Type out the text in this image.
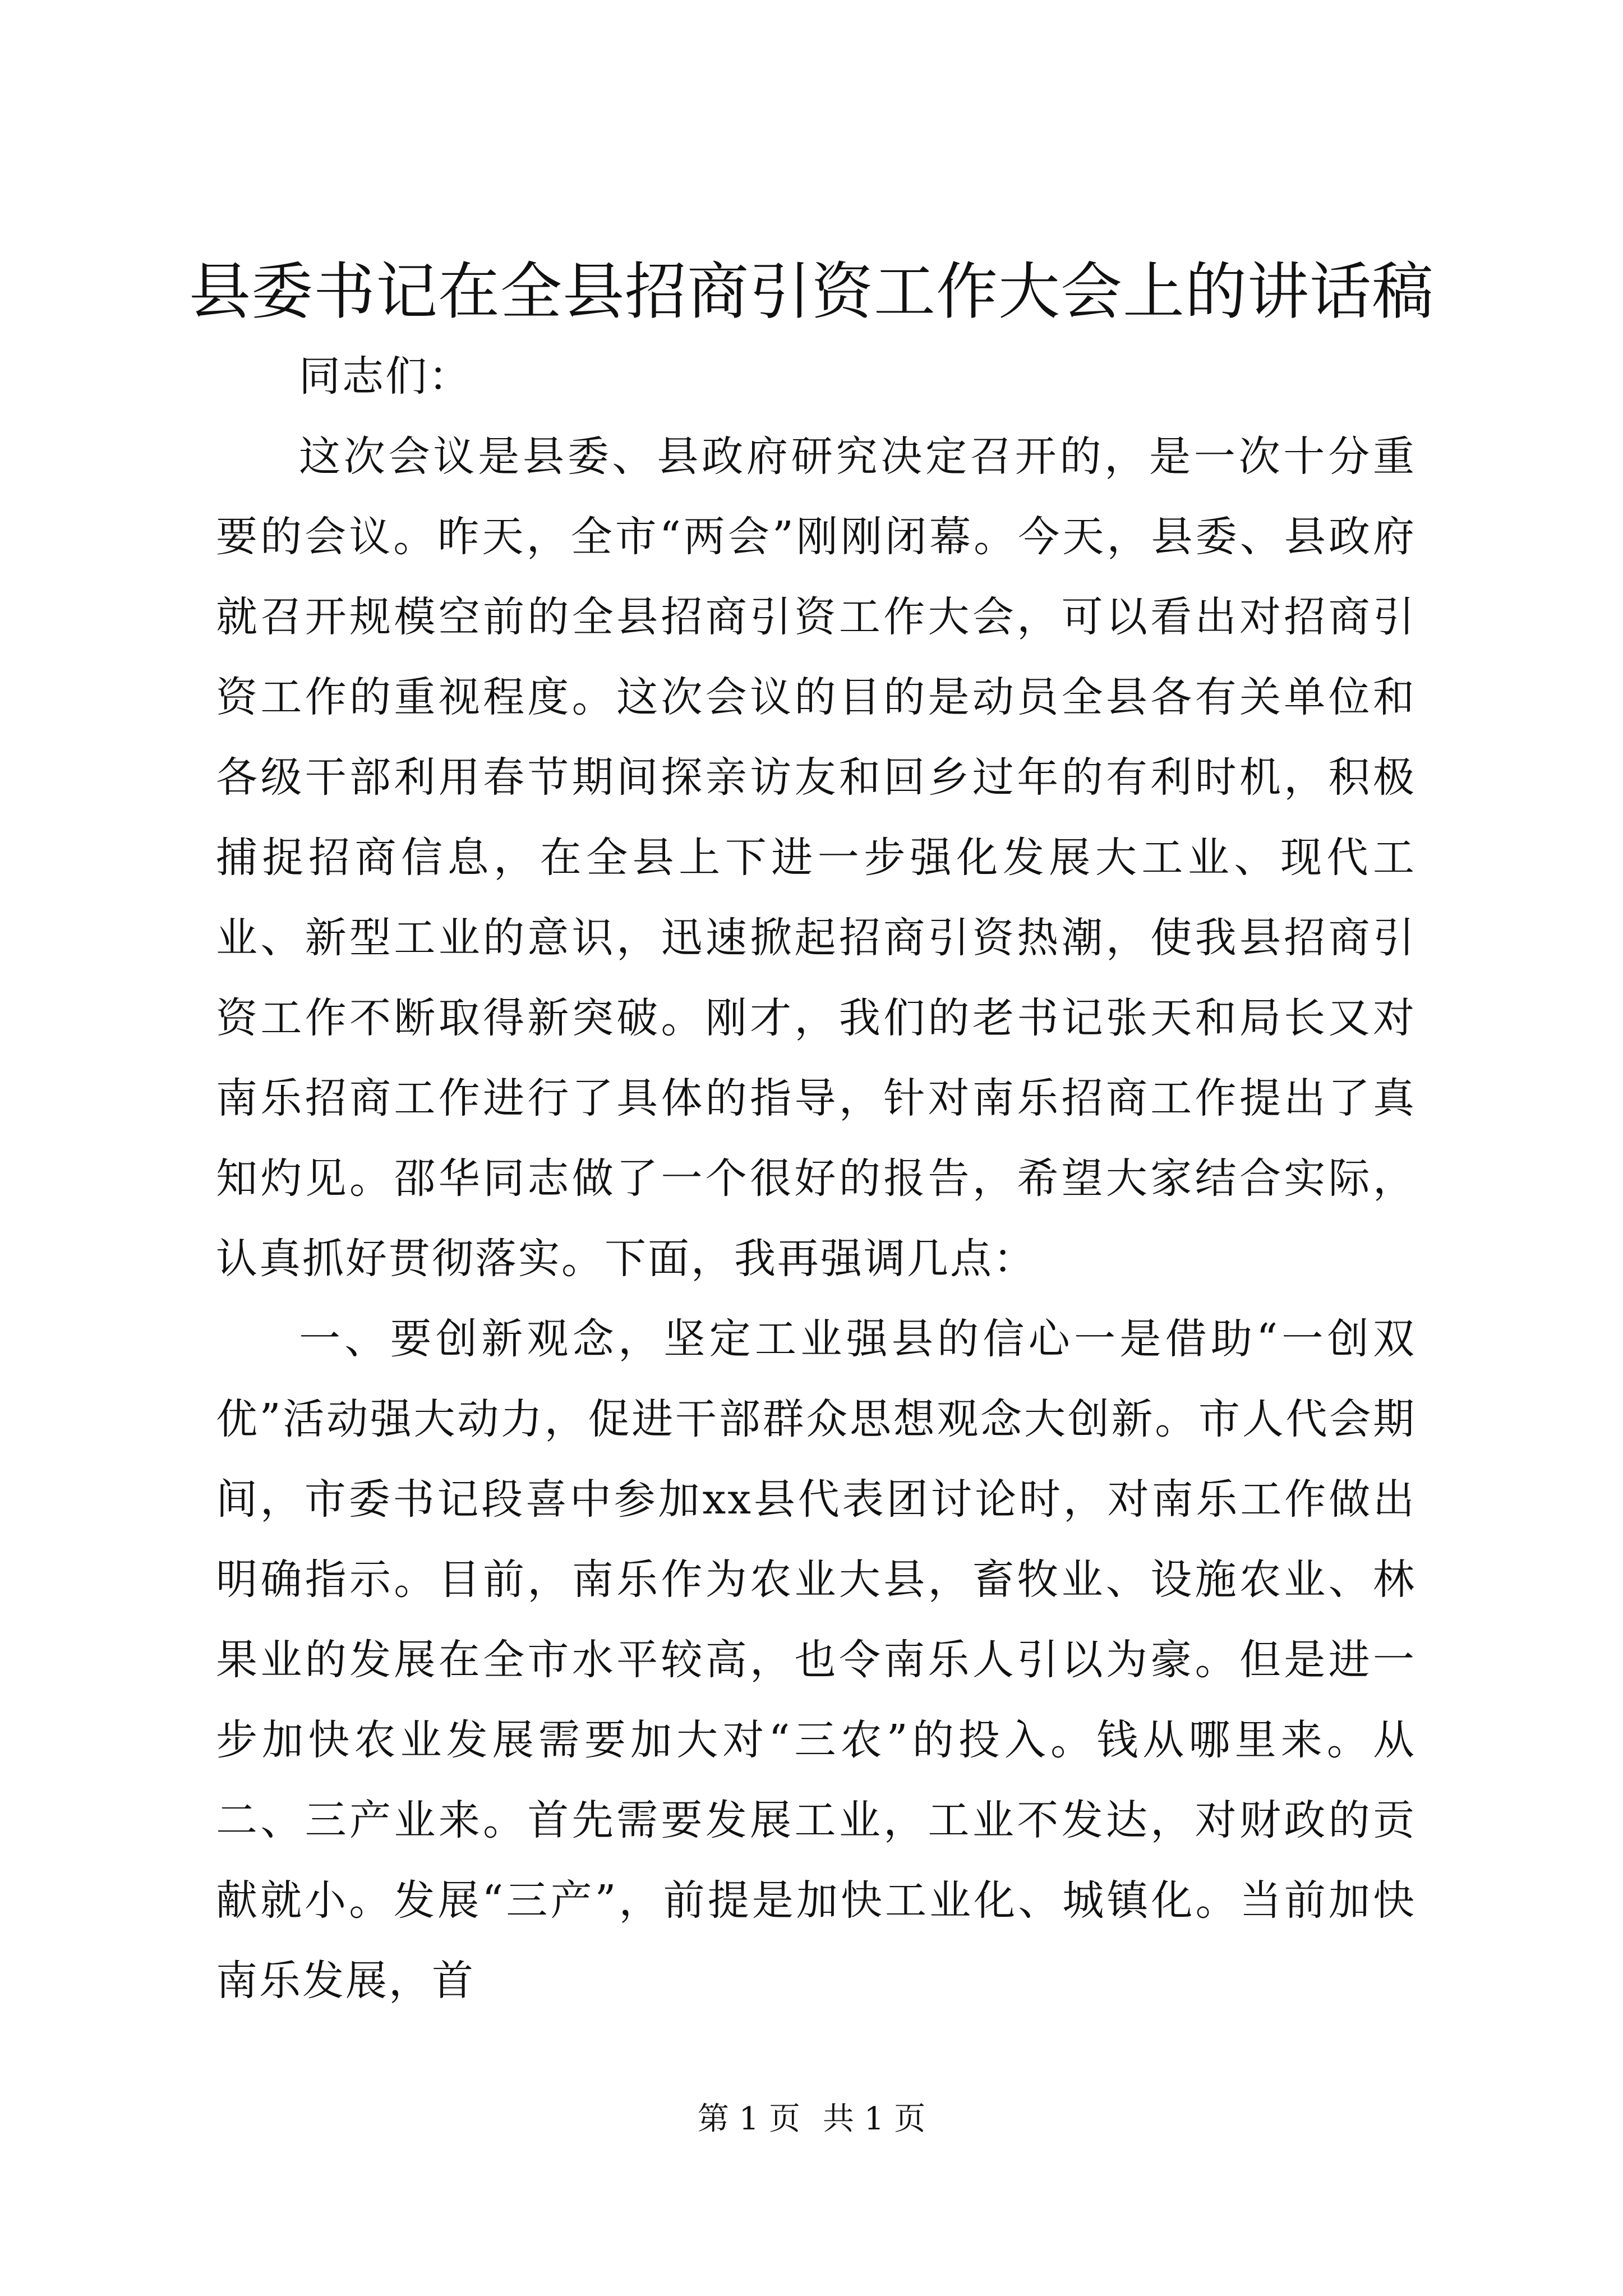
县委书记在全县招商引资工作大会上的讲话稿

同志们：

这次会议是县委、县政府研究决定召开的，是一次十分重要的会议。昨天，全市“两会”刚刚闭幕。今天，县委、县政府就召开规模空前的全县招商引资工作大会，可以看出对招商引资工作的重视程度。这次会议的目的是动员全县各有关单位和各级干部利用春节期间探亲访友和回乡过年的有利时机，积极捕捉招商信息，在全县上下进一步强化发展大工业、现代工业、新型工业的意识，迅速掀起招商引资热潮，使我县招商引资工作不断取得新突破。刚才，我们的老书记张天和局长又对南乐招商工作进行了具体的指导，针对南乐招商工作提出了真知灼见。邵华同志做了一个很好的报告，希望大家结合实际，认真抓好贯彻落实。下面，我再强调几点：

一、要创新观念，坚定工业强县的信心一是借助“一创双优”活动强大动力，促进干部群众思想观念大创新。市人代会期间，市委书记段喜中参加xx县代表团讨论时，对南乐工作做出明确指示。目前，南乐作为农业大县，畜牧业、设施农业、林果业的发展在全市水平较高，也令南乐人引以为豪。但是进一步加快农业发展需要加大对“三农”的投入。钱从哪里来。从二、三产业来。首先需要发展工业，工业不发达，对财政的贡献就小。发展“三产”，前提是加快工业化、城镇化。当前加快南乐发展，首

第 1 页 共 1 页
